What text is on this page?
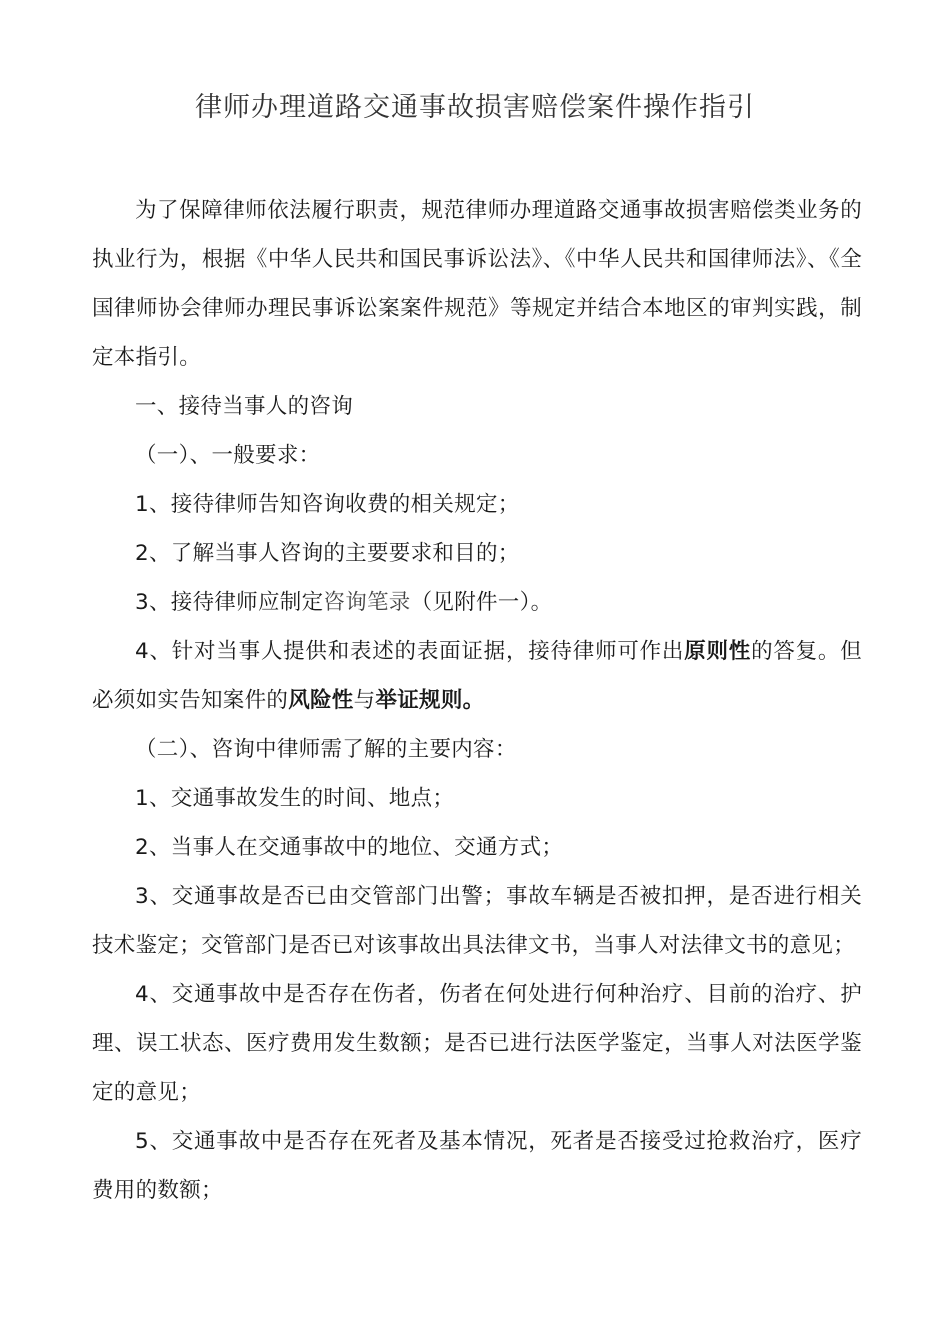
律师办理道路交通事故损害赔偿案件操作指引

为了保障律师依法履行职责，规范律师办理道路交通事故损害赔偿类业务的执业行为，根据《中华人民共和国民事诉讼法》、《中华人民共和国律师法》、《全国律师协会律师办理民事诉讼案案件规范》等规定并结合本地区的审判实践，制定本指引。

一、接待当事人的咨询

（一）、一般要求：

1、接待律师告知咨询收费的相关规定；

2、了解当事人咨询的主要要求和目的；

3、接待律师应制定咨询笔录（见附件一）。

4、针对当事人提供和表述的表面证据，接待律师可作出原则性的答复。但必须如实告知案件的风险性与举证规则。

（二）、咨询中律师需了解的主要内容：

1、交通事故发生的时间、地点；

2、当事人在交通事故中的地位、交通方式；

3、交通事故是否已由交管部门出警；事故车辆是否被扣押，是否进行相关技术鉴定；交管部门是否已对该事故出具法律文书，当事人对法律文书的意见；

4、交通事故中是否存在伤者，伤者在何处进行何种治疗、目前的治疗、护理、误工状态、医疗费用发生数额；是否已进行法医学鉴定，当事人对法医学鉴定的意见；

5、交通事故中是否存在死者及基本情况，死者是否接受过抢救治疗，医疗费用的数额；
